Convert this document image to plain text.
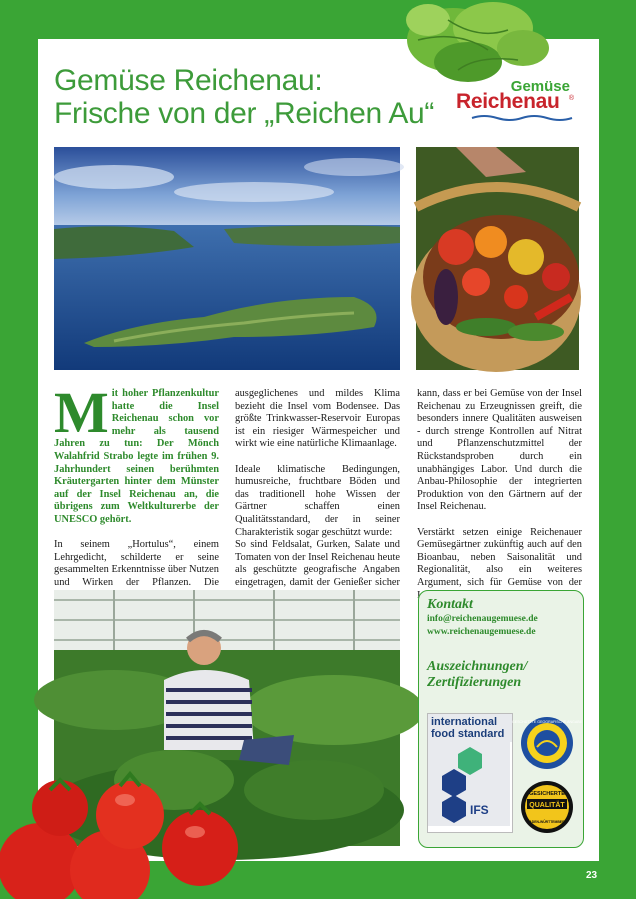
Gemüse Reichenau:
Frische von der „Reichen Au“
Gemüse
Reichenau ®

Mit hoher Pflanzenkultur hatte die Insel Reichenau schon vor mehr als tausend Jahren zu tun: Der Mönch Walahfrid Strabo legte im frühen 9. Jahrhundert seinen berühmten Kräutergarten hinter dem Münster auf der Insel Reichenau an, die übrigens zum Weltkulturerbe der UNESCO gehört.

In seinem „Hortulus“, einem Lehrgedicht, schilderte er seine gesammelten Erkenntnisse über Nutzen und Wirken der Pflanzen. Die

ausgeglichenes und mildes Klima bezieht die Insel vom Bodensee. Das größte Trinkwasser-Reservoir Europas ist ein riesiger Wärmespeicher und wirkt wie eine natürliche Klimaanlage.

Ideale klimatische Bedingungen, humusreiche, fruchtbare Böden und das traditionell hohe Wissen der Gärtner schaffen einen Qualitätsstandard, der in seiner Charakteristik sogar geschützt wurde:

So sind Feldsalat, Gurken, Salate und Tomaten von der Insel Reichenau heute als geschützte geografische Angaben eingetragen, damit der Genießer sicher

kann, dass er bei Gemüse von der Insel Reichenau zu Erzeugnissen greift, die besonders innere Qualitäten ausweisen - durch strenge Kontrollen auf Nitrat und Pflanzenschutzmittel der Rückstandsproben durch ein unabhängiges Labor. Und durch die Anbau-Philosophie der integrierten Produktion von den Gärtnern auf der Insel Reichenau.

Verstärkt setzen einige Reichenauer Gemüsegärtner zukünftig auch auf den Bioanbau, neben Saisonalität und Regionalität, also ein weiteres Argument, sich für Gemüse von der

Kontakt
info@reichenaugemuese.de
www.reichenaugemuese.de
Auszeichnungen/
Zertifizierungen
international
food standard
IFS
GESCHÜTZTE GEOGRAFISCHE ANGABE
GESICHERTE
QUALITÄT
BADEN-WÜRTTEMBERG
23
